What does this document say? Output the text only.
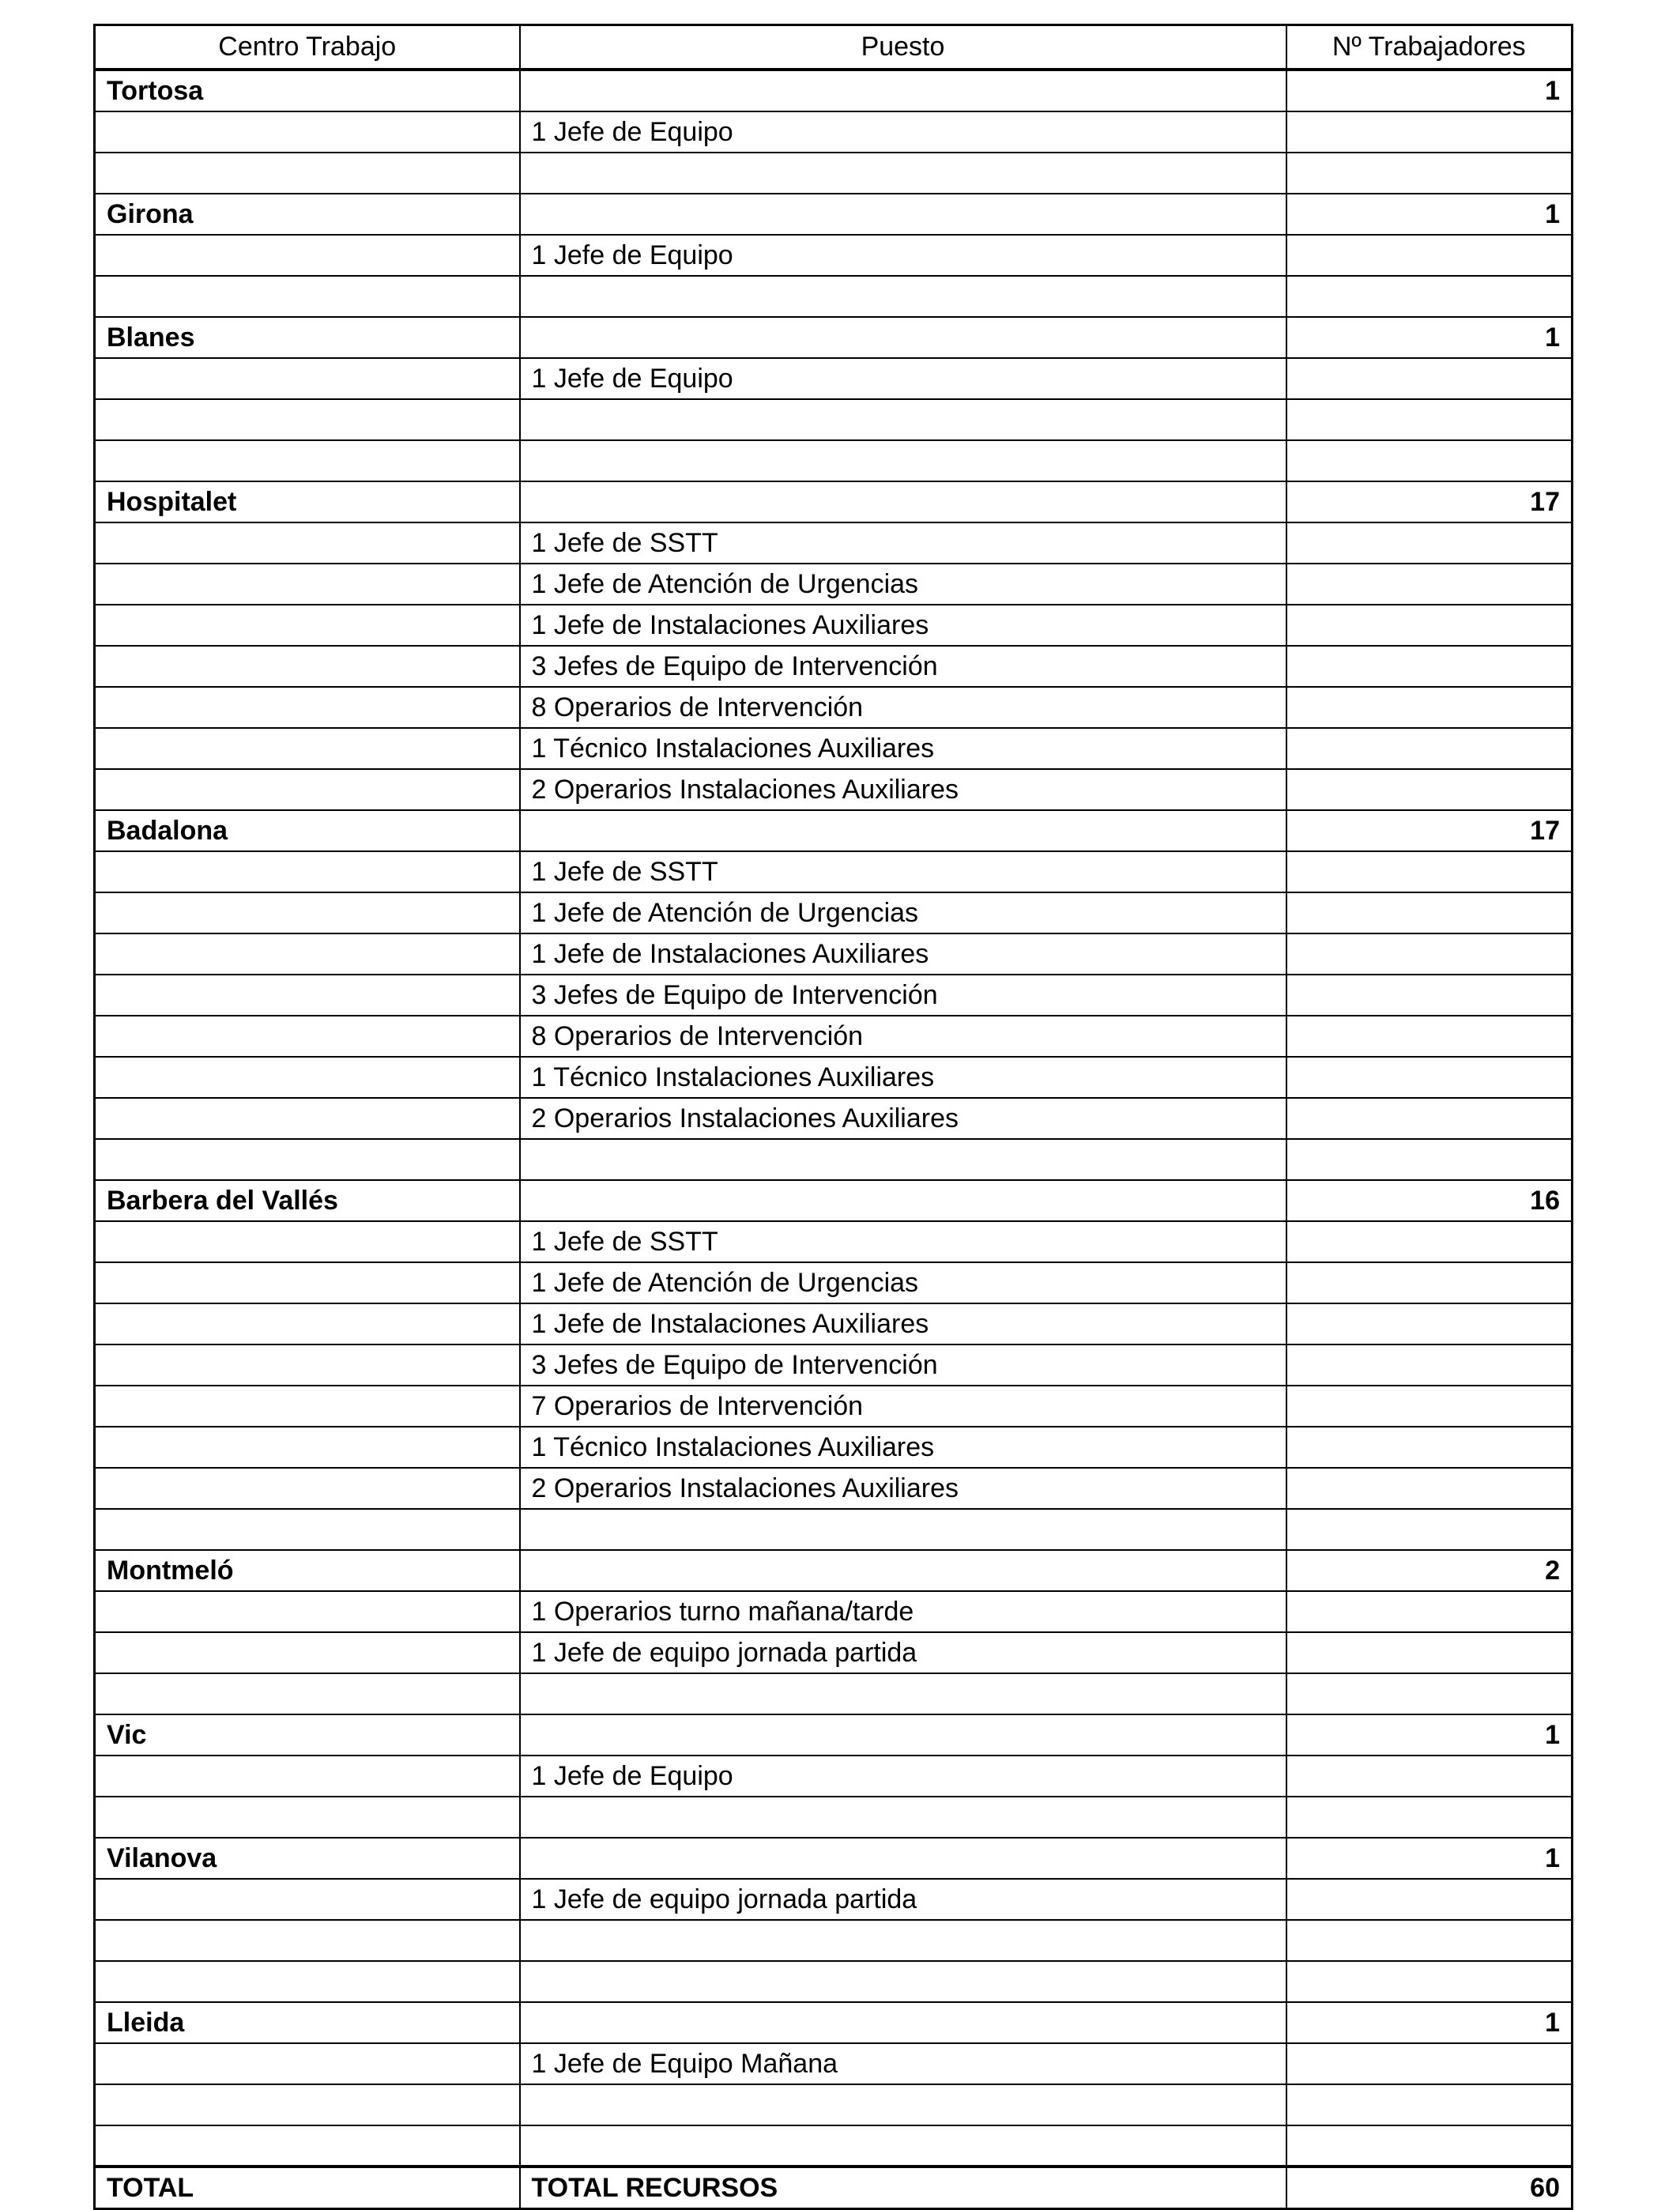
Centro Trabajo	Puesto	Nº Trabajadores
Tortosa		1
	1 Jefe de Equipo	

Girona		1
	1 Jefe de Equipo	

Blanes		1
	1 Jefe de Equipo	

Hospitalet		17
	1 Jefe de SSTT	
	1 Jefe de Atención de Urgencias	
	1 Jefe de Instalaciones Auxiliares	
	3 Jefes de Equipo de Intervención	
	8 Operarios de Intervención	
	1 Técnico Instalaciones Auxiliares	
	2 Operarios Instalaciones Auxiliares	
Badalona		17
	1 Jefe de SSTT	
	1 Jefe de Atención de Urgencias	
	1 Jefe de Instalaciones Auxiliares	
	3 Jefes de Equipo de Intervención	
	8 Operarios de Intervención	
	1 Técnico Instalaciones Auxiliares	
	2 Operarios Instalaciones Auxiliares	

Barbera del Vallés		16
	1 Jefe de SSTT	
	1 Jefe de Atención de Urgencias	
	1 Jefe de Instalaciones Auxiliares	
	3 Jefes de Equipo de Intervención	
	7 Operarios de Intervención	
	1 Técnico Instalaciones Auxiliares	
	2 Operarios Instalaciones Auxiliares	

Montmeló		2
	1 Operarios turno mañana/tarde	
	1 Jefe de equipo jornada partida	

Vic		1
	1 Jefe de Equipo	

Vilanova		1
	1 Jefe de equipo jornada partida	

Lleida		1
	1 Jefe de Equipo Mañana	

TOTAL	TOTAL RECURSOS	60
